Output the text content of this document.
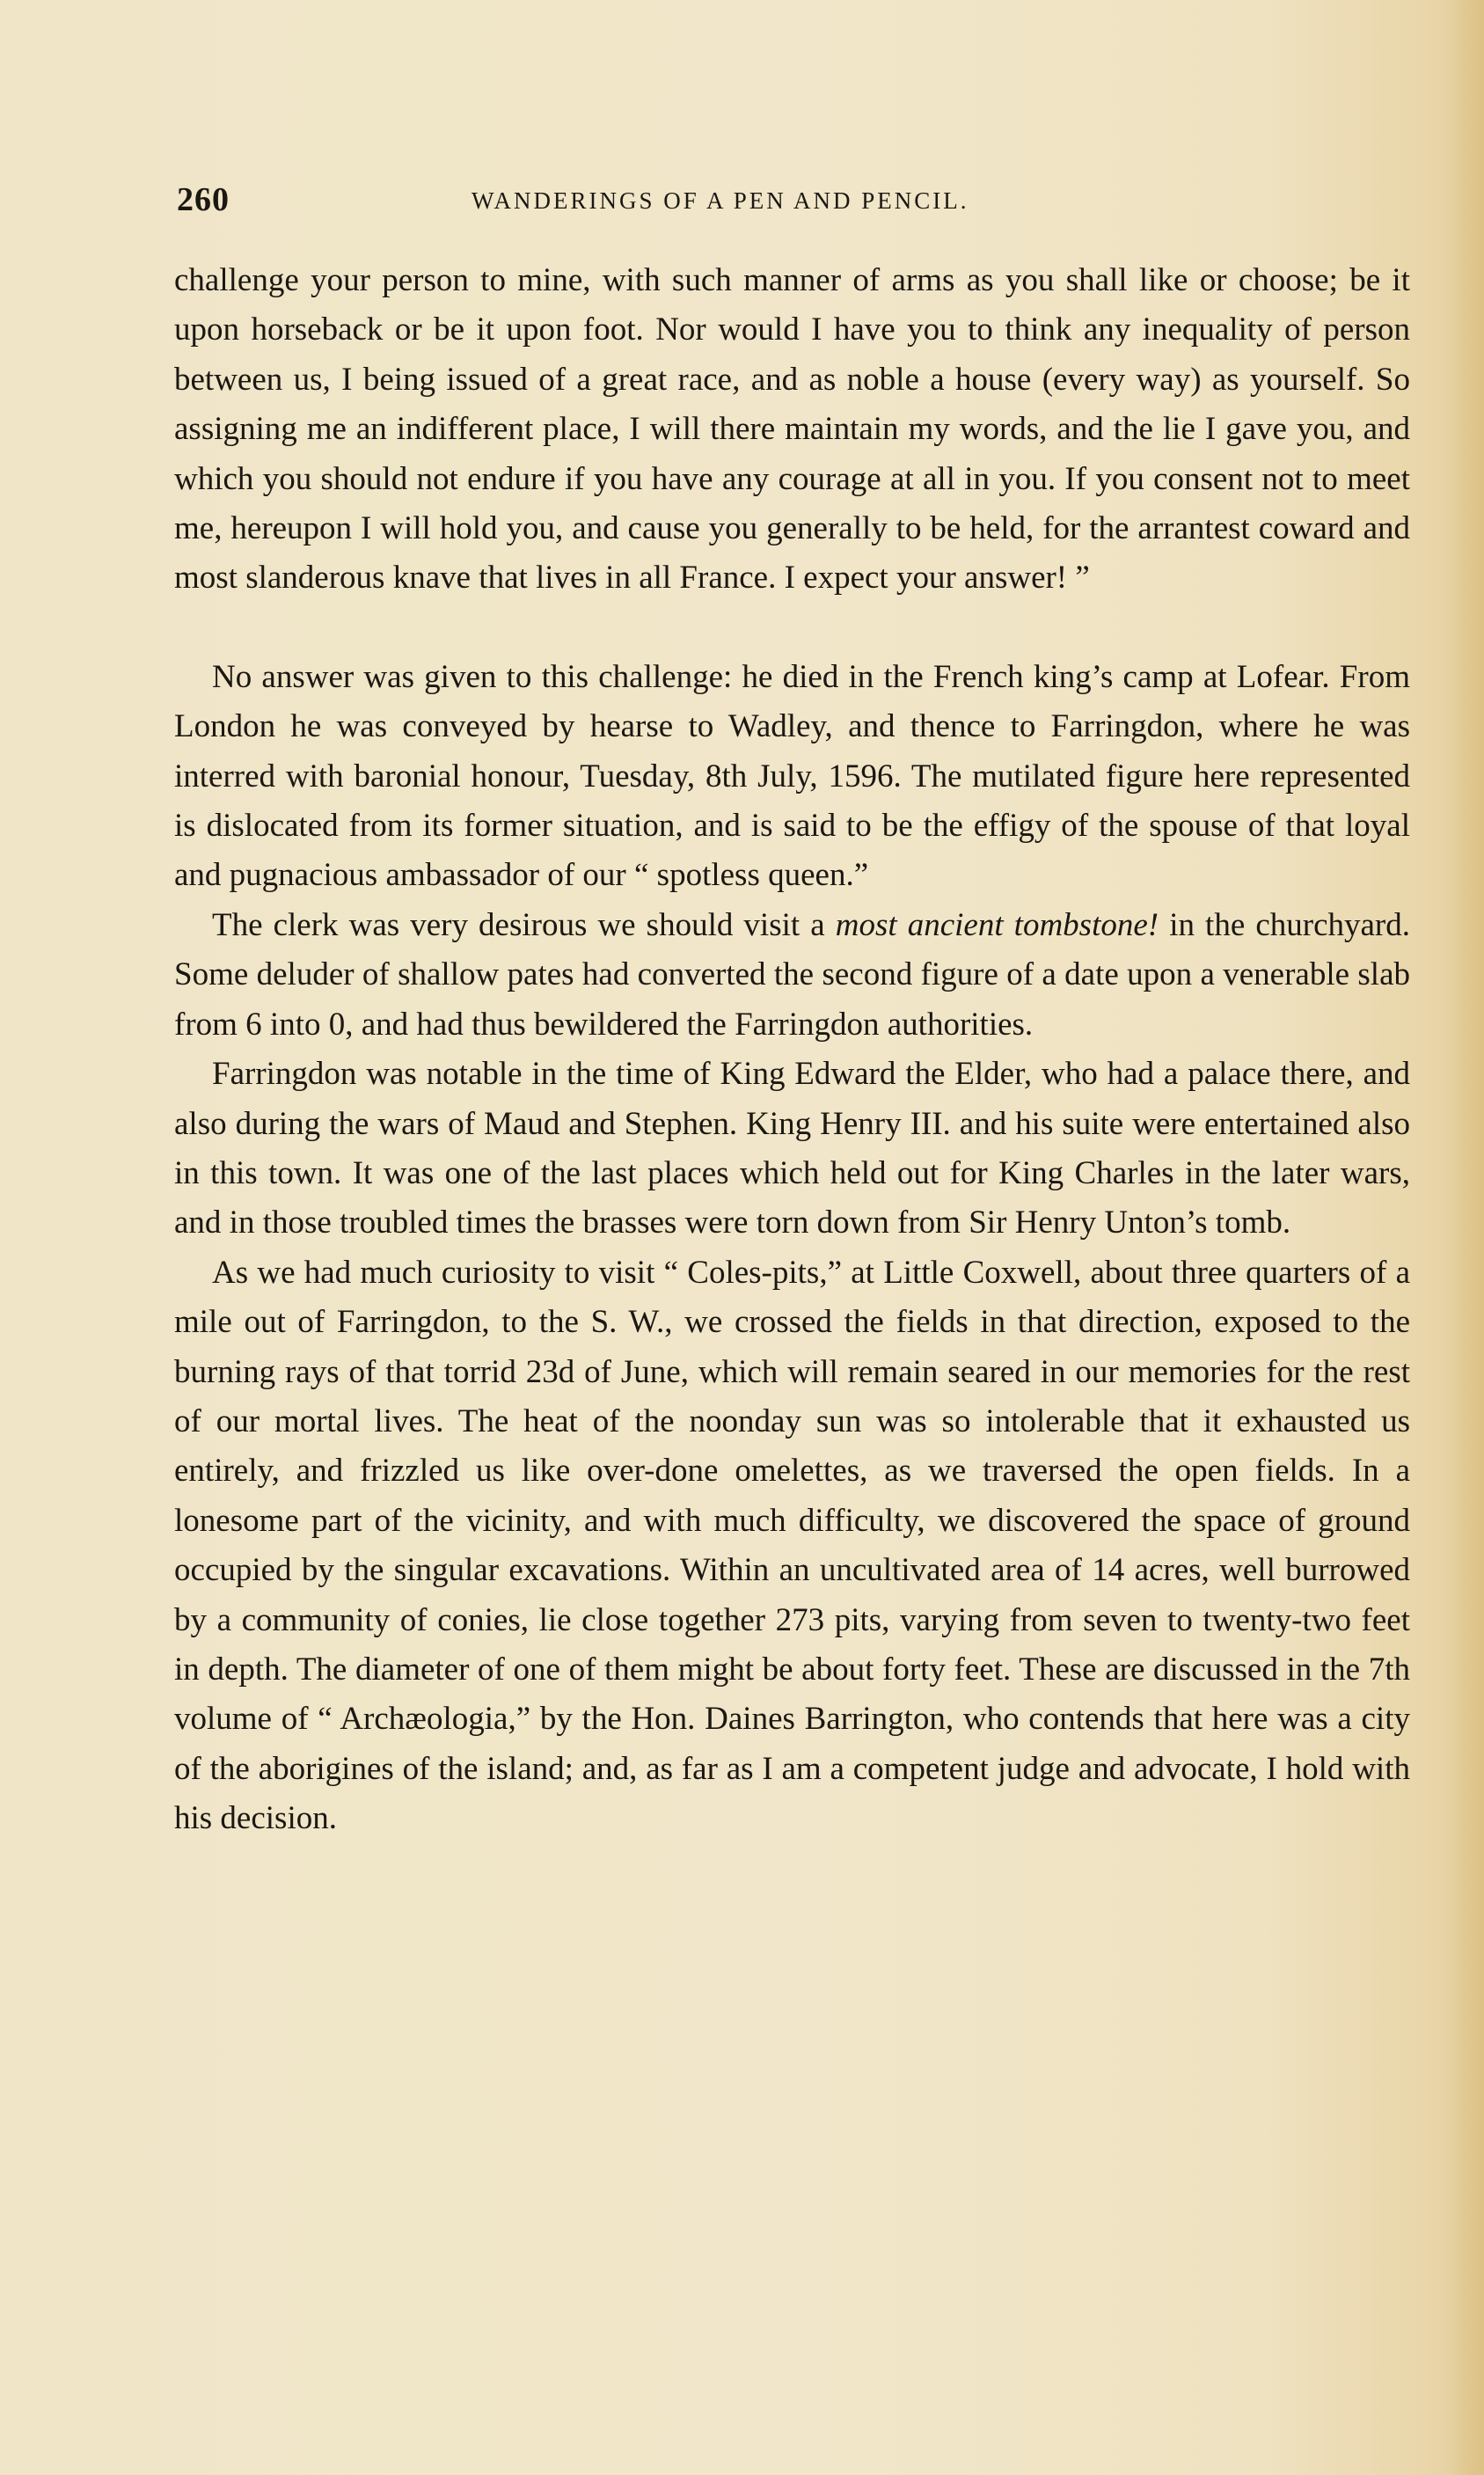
260	WANDERINGS OF A PEN AND PENCIL.

challenge your person to mine, with such manner of arms as you shall like or choose; be it upon horseback or be it upon foot. Nor would I have you to think any inequality of person between us, I being issued of a great race, and as noble a house (every way) as yourself. So assigning me an indifferent place, I will there maintain my words, and the lie I gave you, and which you should not endure if you have any courage at all in you. If you consent not to meet me, hereupon I will hold you, and cause you generally to be held, for the arrantest coward and most slanderous knave that lives in all France. I expect your answer! ”

No answer was given to this challenge: he died in the French king’s camp at Lofear. From London he was conveyed by hearse to Wadley, and thence to Farringdon, where he was interred with baronial honour, Tuesday, 8th July, 1596. The mutilated figure here represented is dislocated from its former situation, and is said to be the effigy of the spouse of that loyal and pugnacious ambassador of our “ spotless queen.”

The clerk was very desirous we should visit a most ancient tombstone! in the churchyard. Some deluder of shallow pates had converted the second figure of a date upon a venerable slab from 6 into 0, and had thus bewildered the Farringdon authorities.

Farringdon was notable in the time of King Edward the Elder, who had a palace there, and also during the wars of Maud and Stephen. King Henry III. and his suite were entertained also in this town. It was one of the last places which held out for King Charles in the later wars, and in those troubled times the brasses were torn down from Sir Henry Unton’s tomb.

As we had much curiosity to visit “ Coles-pits,” at Little Coxwell, about three quarters of a mile out of Farringdon, to the S. W., we crossed the fields in that direction, exposed to the burning rays of that torrid 23d of June, which will remain seared in our memories for the rest of our mortal lives. The heat of the noonday sun was so intolerable that it exhausted us entirely, and frizzled us like over-done omelettes, as we traversed the open fields. In a lonesome part of the vicinity, and with much difficulty, we discovered the space of ground occupied by the singular excavations. Within an uncultivated area of 14 acres, well burrowed by a community of conies, lie close together 273 pits, varying from seven to twenty-two feet in depth. The diameter of one of them might be about forty feet. These are discussed in the 7th volume of “ Archæologia,” by the Hon. Daines Barrington, who contends that here was a city of the aborigines of the island; and, as far as I am a competent judge and advocate, I hold with his decision.
